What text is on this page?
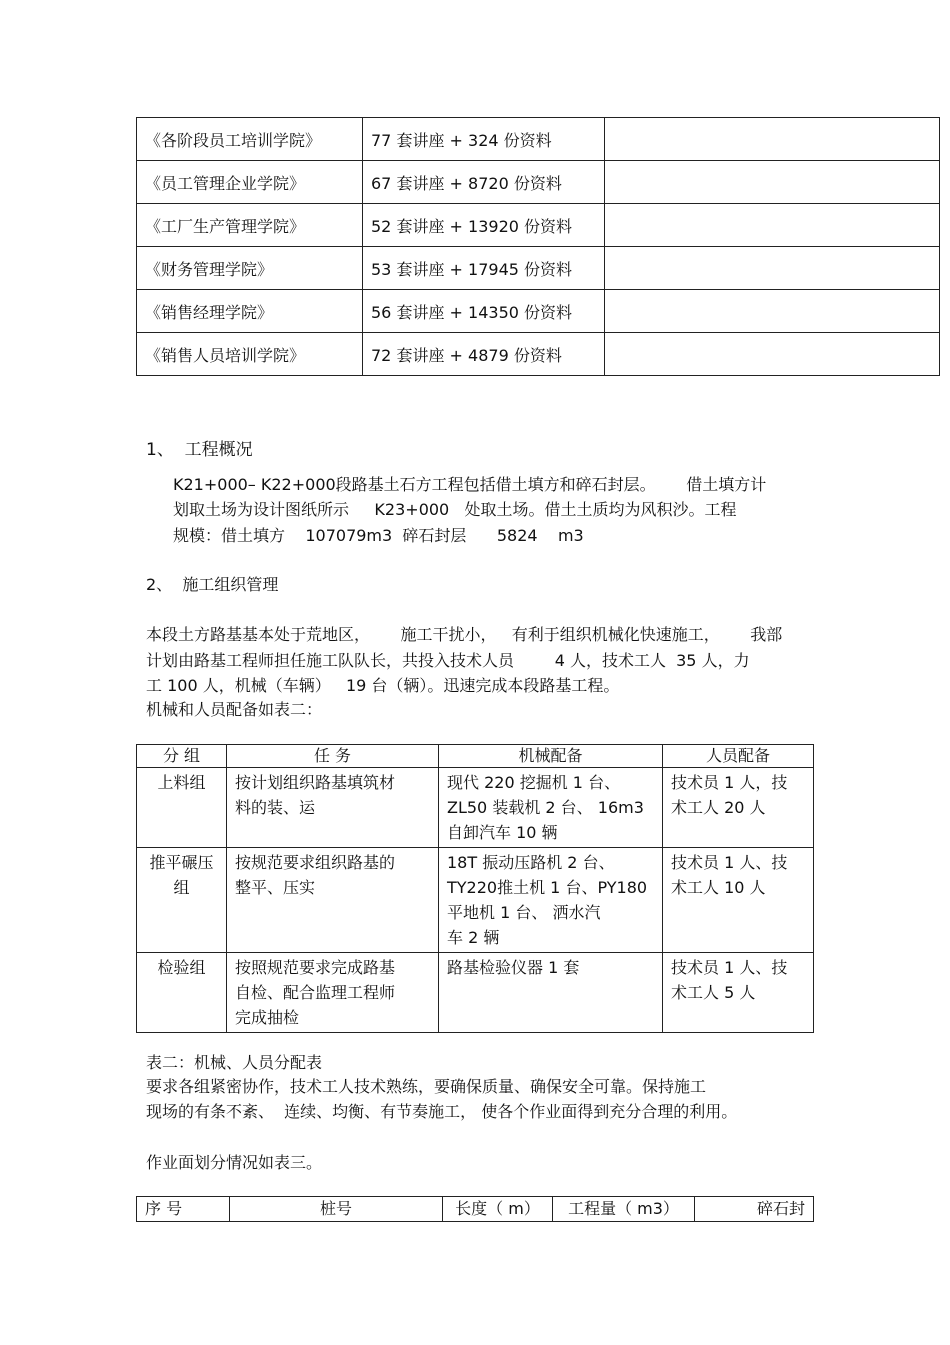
《各阶段员工培训学院》	77 套讲座 + 324 份资料	
《员工管理企业学院》	67 套讲座 + 8720 份资料	
《工厂生产管理学院》	52 套讲座 + 13920 份资料	
《财务管理学院》	53 套讲座 + 17945 份资料	
《销售经理学院》	56 套讲座 + 14350 份资料	
《销售人员培训学院》	72 套讲座 + 4879 份资料	
1、  工程概况
K21+000– K22+000段路基土石方工程包括借土填方和碎石封层。      借土填方计
划取土场为设计图纸所示     K23+000   处取土场。借土土质均为风积沙。工程
规模：借土填方    107079m3  碎石封层      5824    m3
2、  施工组织管理
本段土方路基基本处于荒地区，      施工干扰小，   有利于组织机械化快速施工，      我部
计划由路基工程师担任施工队队长，共投入技术人员        4 人，技术工人  35 人，力
工 100 人，机械（车辆）   19 台（辆）。迅速完成本段路基工程。
机械和人员配备如表二：
分 组	任 务	机械配备	人员配备
上料组	按计划组织路基填筑材
料的装、运	现代 220 挖掘机 1 台、
ZL50 装载机 2 台、 16m3
自卸汽车 10 辆	技术员 1 人，技
术工人 20 人
推平碾压
组	按规范要求组织路基的
整平、压实	18T 振动压路机 2 台、
TY220推土机 1 台、PY180
平地机 1 台、 洒水汽
车 2 辆	技术员 1 人、技
术工人 10 人
检验组	按照规范要求完成路基
自检、配合监理工程师
完成抽检	路基检验仪器 1 套	技术员 1 人、技
术工人 5 人
表二：机械、人员分配表
要求各组紧密协作，技术工人技术熟练，要确保质量、确保安全可靠。保持施工
现场的有条不紊、  连续、均衡、有节奏施工， 使各个作业面得到充分合理的利用。
作业面划分情况如表三。
序 号	桩号	长度（ m）	工程量（ m3）	碎石封
